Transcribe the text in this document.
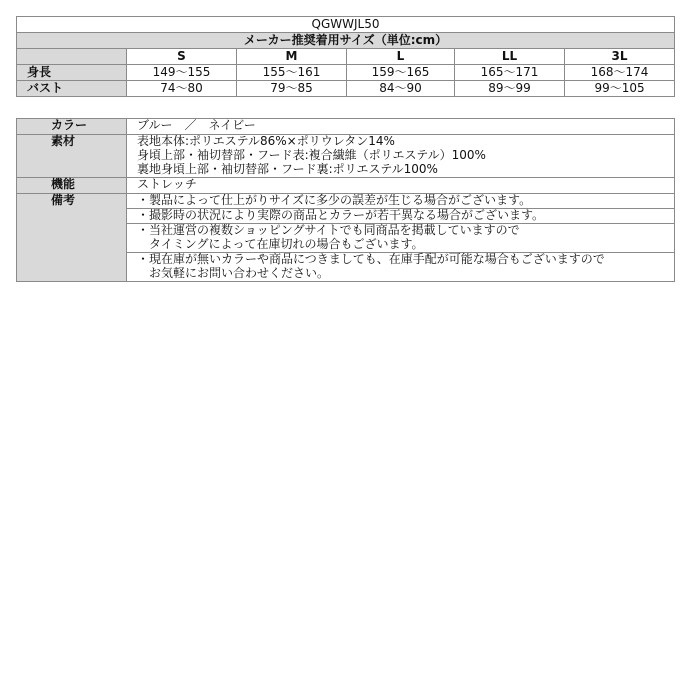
QGWWJL50					
メーカー推奨着用サイズ（単位:cm）					
	S	M	L	LL	3L
身長	149～155	155～161	159～165	165～171	168～174
バスト	74～80	79～85	84～90	89～99	99～105
カラー	ブルー　／　ネイビー

素材	表地本体:ポリエステル86%×ポリウレタン14%
身頃上部・袖切替部・フード表:複合繊維（ポリエステル）100%
裏地身頃上部・袖切替部・フード裏:ポリエステル100%

機能	ストレッチ

備考	・製品によって仕上がりサイズに多少の誤差が生じる場合がございます。

	・撮影時の状況により実際の商品とカラーが若干異なる場合がございます。

	・当社運営の複数ショッピングサイトでも同商品を掲載していますので
　タイミングによって在庫切れの場合もございます。

	・現在庫が無いカラーや商品につきましても、在庫手配が可能な場合もございますので
　お気軽にお問い合わせください。
